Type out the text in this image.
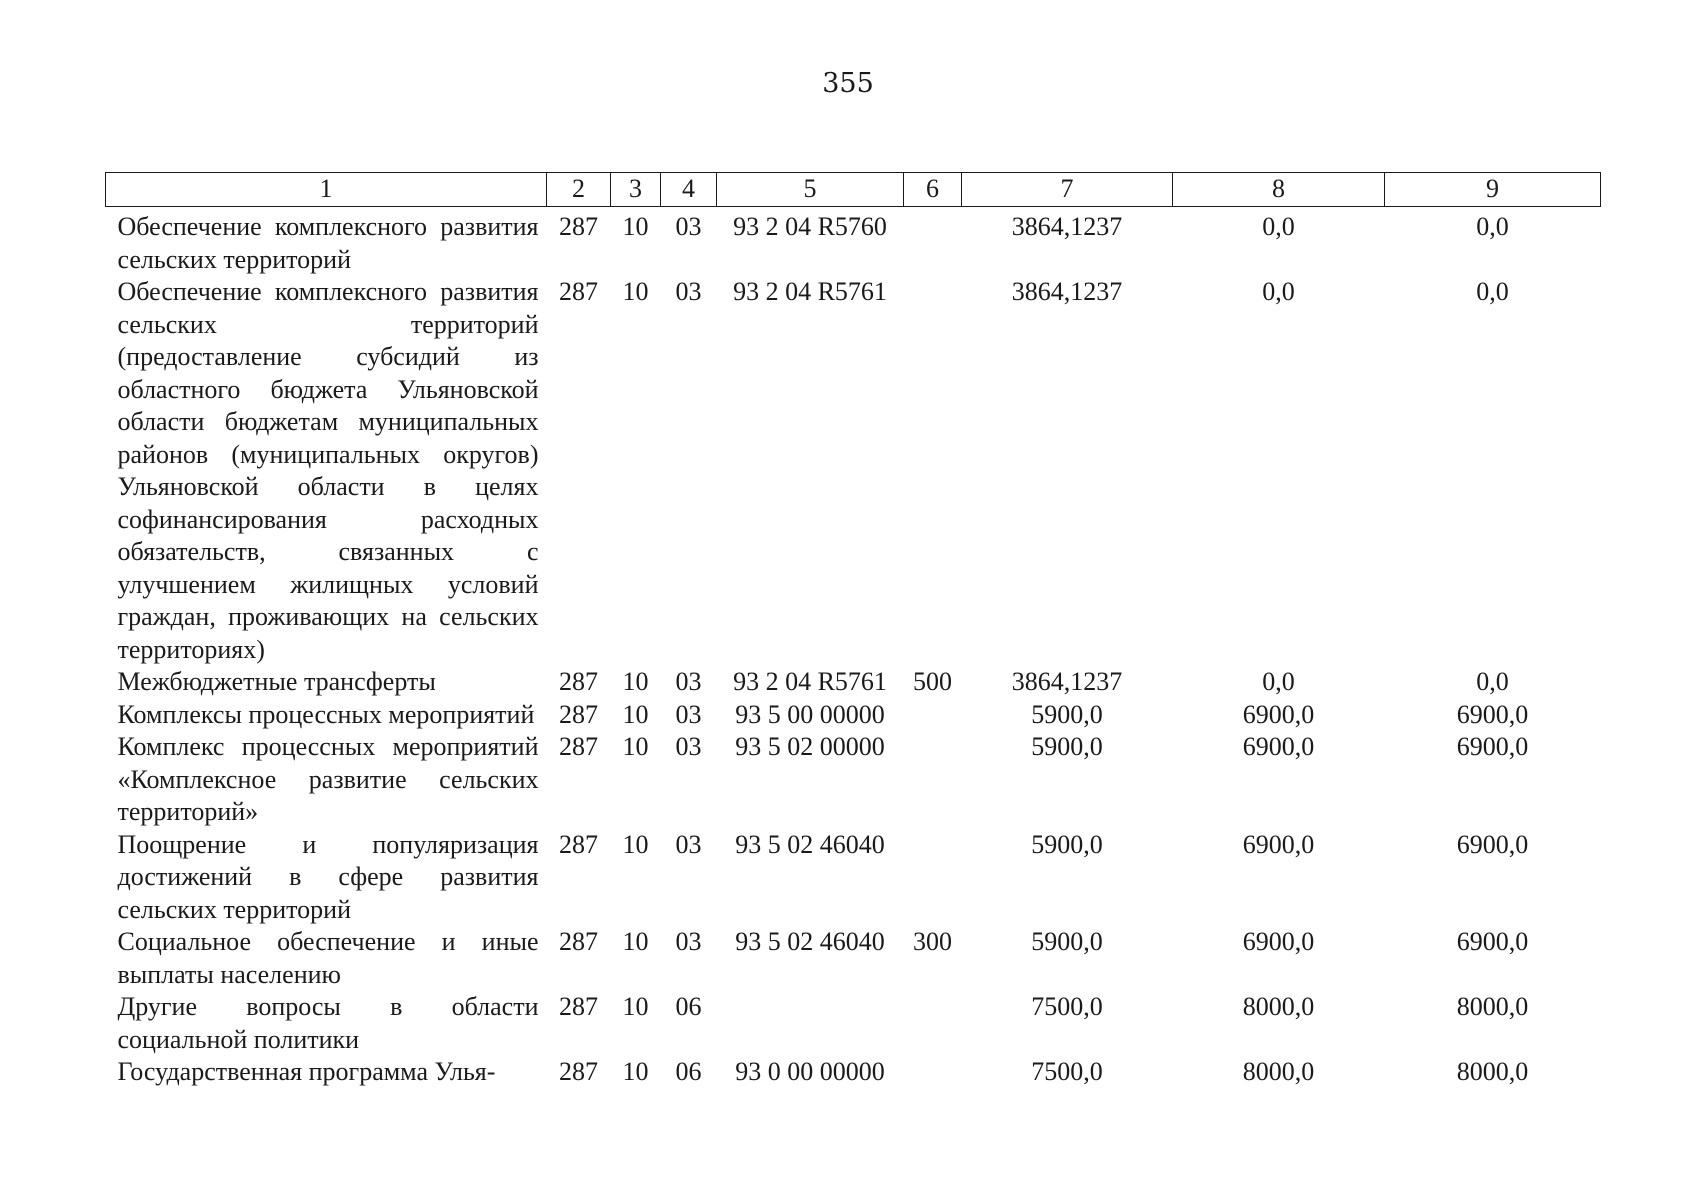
355
1	2	3	4	5	6	7	8	9
Обеспечение комплексного развития сельских территорий	287	10	03	93 2 04 R5760		3864,1237	0,0	0,0
Обеспечение комплексного развития сельских территорий (предоставление субсидий из областного бюджета Ульяновской области бюджетам муниципальных районов (муниципальных округов) Ульяновской области в целях софинансирования расходных обязательств, связанных с улучшением жилищных условий граждан, проживающих на сельских территориях)	287	10	03	93 2 04 R5761		3864,1237	0,0	0,0
Межбюджетные трансферты	287	10	03	93 2 04 R5761	500	3864,1237	0,0	0,0
Комплексы процессных мероприятий	287	10	03	93 5 00 00000		5900,0	6900,0	6900,0
Комплекс процессных мероприятий «Комплексное развитие сельских территорий»	287	10	03	93 5 02 00000		5900,0	6900,0	6900,0
Поощрение и популяризация достижений в сфере развития сельских территорий	287	10	03	93 5 02 46040		5900,0	6900,0	6900,0
Социальное обеспечение и иные выплаты населению	287	10	03	93 5 02 46040	300	5900,0	6900,0	6900,0
Другие вопросы в области социальной политики	287	10	06			7500,0	8000,0	8000,0
Государственная программа Улья-	287	10	06	93 0 00 00000		7500,0	8000,0	8000,0
